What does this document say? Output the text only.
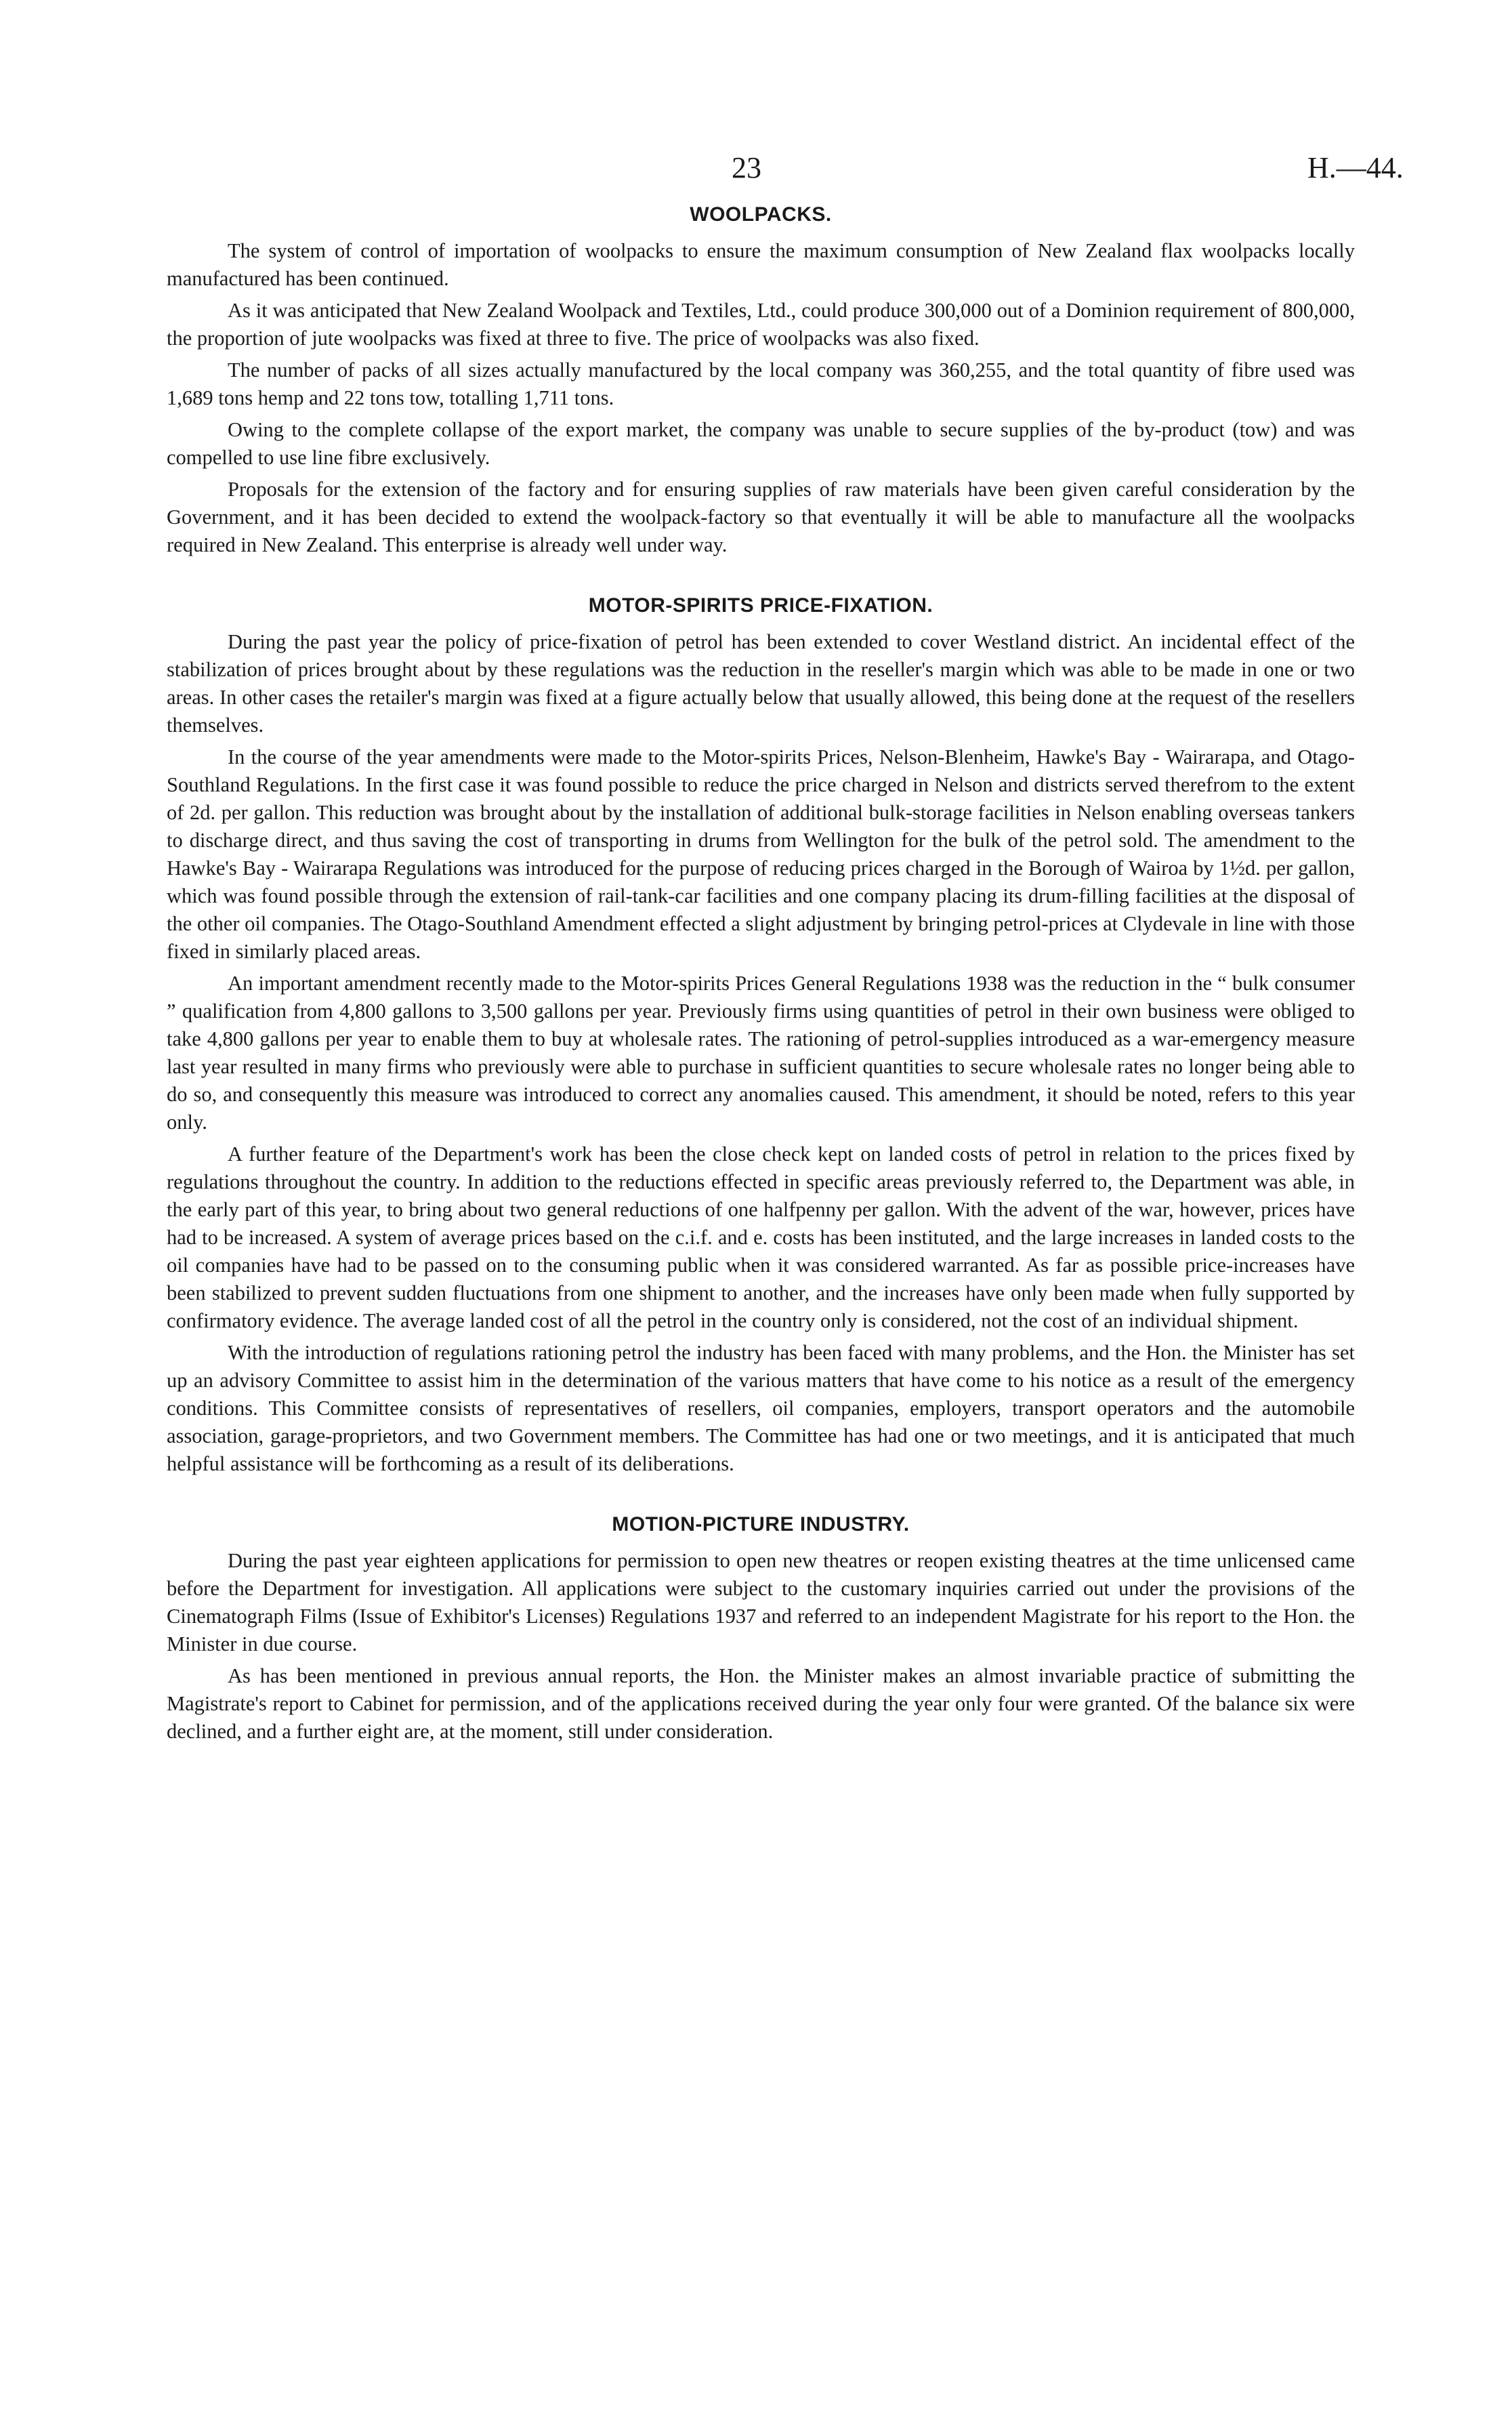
23	H.—44.
WOOLPACKS.

The system of control of importation of woolpacks to ensure the maximum consumption of New Zealand flax woolpacks locally manufactured has been continued.

As it was anticipated that New Zealand Woolpack and Textiles, Ltd., could produce 300,000 out of a Dominion requirement of 800,000, the proportion of jute woolpacks was fixed at three to five. The price of woolpacks was also fixed.

The number of packs of all sizes actually manufactured by the local company was 360,255, and the total quantity of fibre used was 1,689 tons hemp and 22 tons tow, totalling 1,711 tons.

Owing to the complete collapse of the export market, the company was unable to secure supplies of the by-product (tow) and was compelled to use line fibre exclusively.

Proposals for the extension of the factory and for ensuring supplies of raw materials have been given careful consideration by the Government, and it has been decided to extend the woolpack-factory so that eventually it will be able to manufacture all the woolpacks required in New Zealand. This enterprise is already well under way.

MOTOR-SPIRITS PRICE-FIXATION.

During the past year the policy of price-fixation of petrol has been extended to cover Westland district. An incidental effect of the stabilization of prices brought about by these regulations was the reduction in the reseller's margin which was able to be made in one or two areas. In other cases the retailer's margin was fixed at a figure actually below that usually allowed, this being done at the request of the resellers themselves.

In the course of the year amendments were made to the Motor-spirits Prices, Nelson-Blenheim, Hawke's Bay - Wairarapa, and Otago-Southland Regulations. In the first case it was found possible to reduce the price charged in Nelson and districts served therefrom to the extent of 2d. per gallon. This reduction was brought about by the installation of additional bulk-storage facilities in Nelson enabling overseas tankers to discharge direct, and thus saving the cost of transporting in drums from Wellington for the bulk of the petrol sold. The amendment to the Hawke's Bay - Wairarapa Regulations was introduced for the purpose of reducing prices charged in the Borough of Wairoa by 1½d. per gallon, which was found possible through the extension of rail-tank-car facilities and one company placing its drum-filling facilities at the disposal of the other oil companies. The Otago-Southland Amendment effected a slight adjustment by bringing petrol-prices at Clydevale in line with those fixed in similarly placed areas.

An important amendment recently made to the Motor-spirits Prices General Regulations 1938 was the reduction in the “ bulk consumer ” qualification from 4,800 gallons to 3,500 gallons per year. Previously firms using quantities of petrol in their own business were obliged to take 4,800 gallons per year to enable them to buy at wholesale rates. The rationing of petrol-supplies introduced as a war-emergency measure last year resulted in many firms who previously were able to purchase in sufficient quantities to secure wholesale rates no longer being able to do so, and consequently this measure was introduced to correct any anomalies caused. This amendment, it should be noted, refers to this year only.

A further feature of the Department's work has been the close check kept on landed costs of petrol in relation to the prices fixed by regulations throughout the country. In addition to the reductions effected in specific areas previously referred to, the Department was able, in the early part of this year, to bring about two general reductions of one halfpenny per gallon. With the advent of the war, however, prices have had to be increased. A system of average prices based on the c.i.f. and e. costs has been instituted, and the large increases in landed costs to the oil companies have had to be passed on to the consuming public when it was considered warranted. As far as possible price-increases have been stabilized to prevent sudden fluctuations from one shipment to another, and the increases have only been made when fully supported by confirmatory evidence. The average landed cost of all the petrol in the country only is considered, not the cost of an individual shipment.

With the introduction of regulations rationing petrol the industry has been faced with many problems, and the Hon. the Minister has set up an advisory Committee to assist him in the determination of the various matters that have come to his notice as a result of the emergency conditions. This Committee consists of representatives of resellers, oil companies, employers, transport operators and the automobile association, garage-proprietors, and two Government members. The Committee has had one or two meetings, and it is anticipated that much helpful assistance will be forthcoming as a result of its deliberations.

MOTION-PICTURE INDUSTRY.

During the past year eighteen applications for permission to open new theatres or reopen existing theatres at the time unlicensed came before the Department for investigation. All applications were subject to the customary inquiries carried out under the provisions of the Cinematograph Films (Issue of Exhibitor's Licenses) Regulations 1937 and referred to an independent Magistrate for his report to the Hon. the Minister in due course.

As has been mentioned in previous annual reports, the Hon. the Minister makes an almost invariable practice of submitting the Magistrate's report to Cabinet for permission, and of the applications received during the year only four were granted. Of the balance six were declined, and a further eight are, at the moment, still under consideration.
